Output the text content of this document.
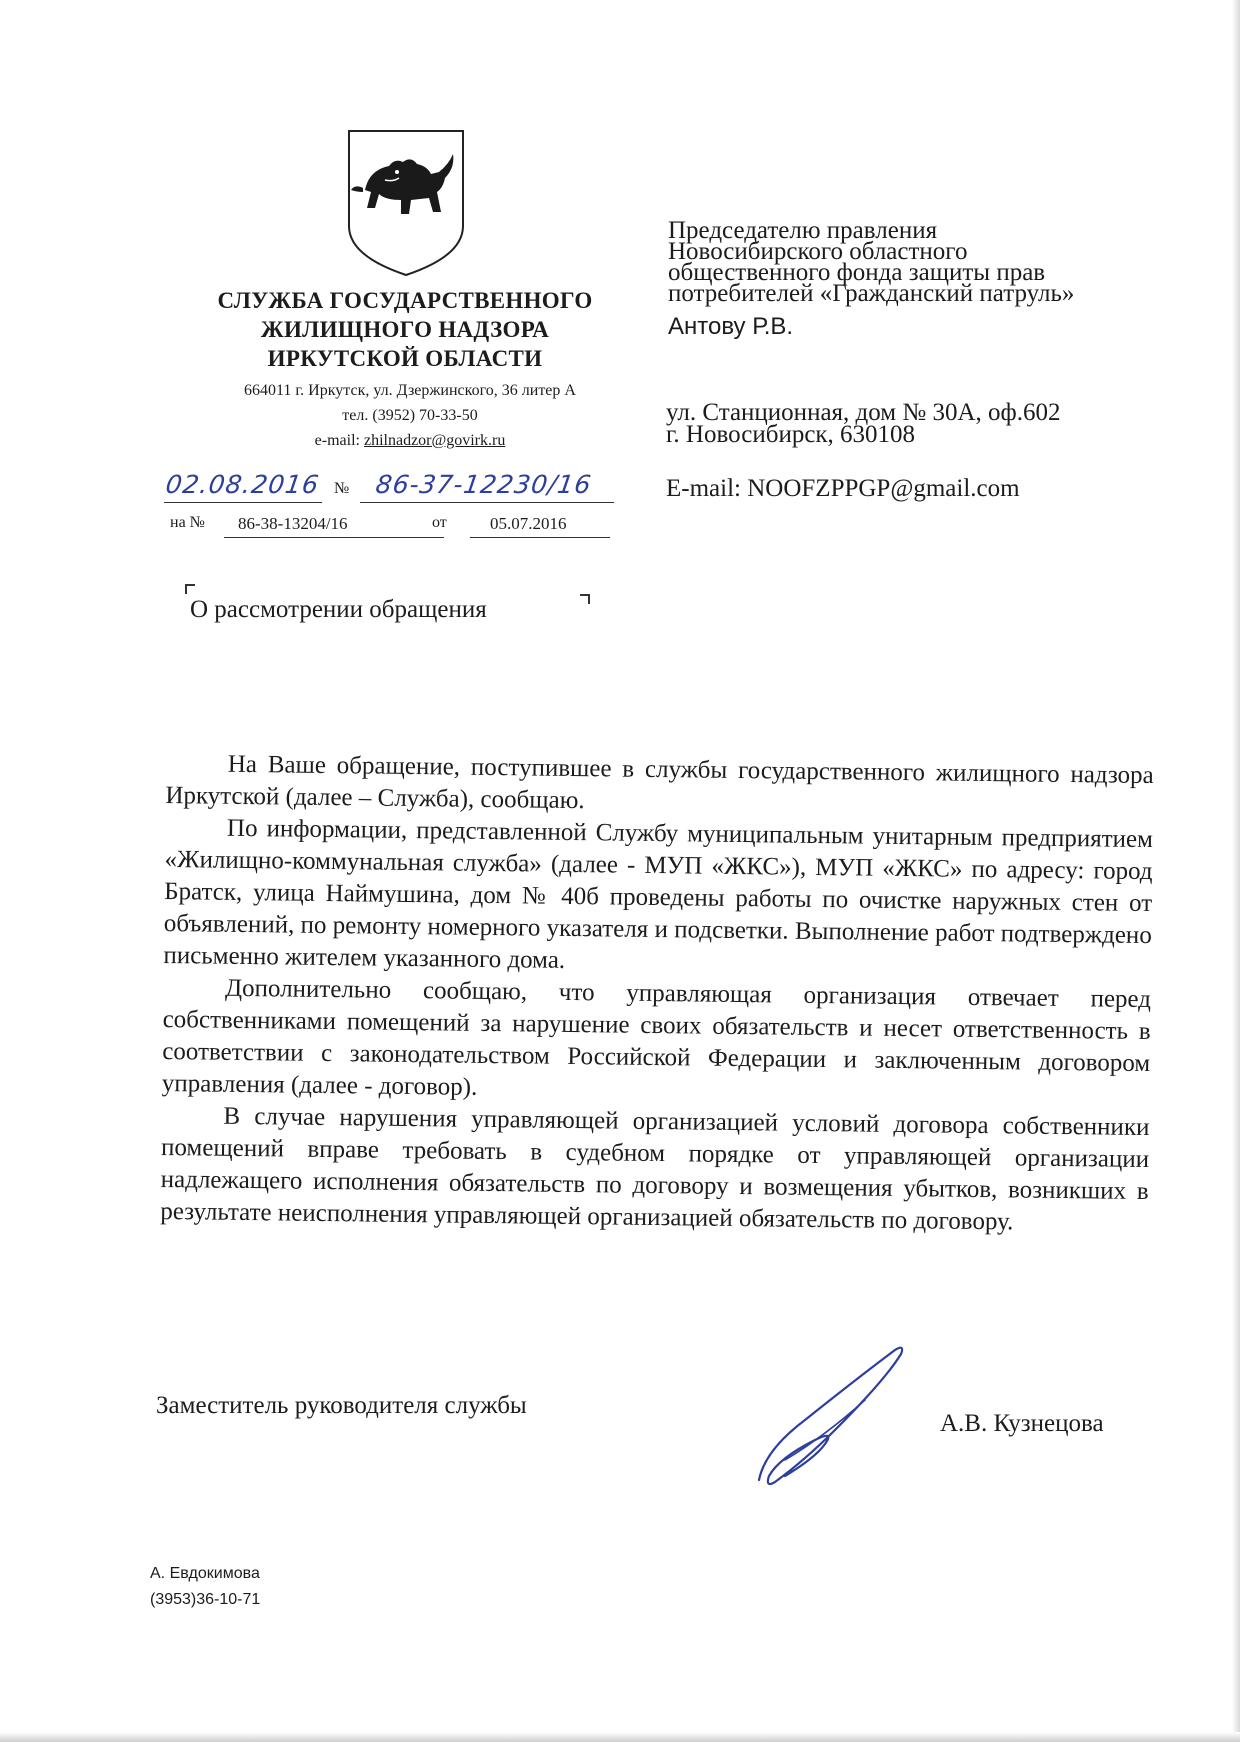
СЛУЖБА ГОСУДАРСТВЕННОГО
ЖИЛИЩНОГО НАДЗОРА
ИРКУТСКОЙ ОБЛАСТИ
664011 г. Иркутск, ул. Дзержинского, 36 литер А
тел. (3952) 70-33-50
e-mail: zhilnadzor@govirk.ru
02.08.2016 № 86-37-12230/16
на № 86-38-13204/16	от	05.07.2016
Председателю правления
Новосибирского областного
общественного фонда защиты прав
потребителей «Гражданский патруль»
Антову Р.В.
ул. Станционная, дом № 30А, оф.602
г. Новосибирск, 630108
E-mail: NOOFZPPGP@gmail.com
О рассмотрении обращения

На Ваше обращение, поступившее в службы государственного жилищного надзора Иркутской (далее – Служба), сообщаю.

По информации, представленной Службу муниципальным унитарным предприятием «Жилищно-коммунальная служба» (далее - МУП «ЖКС»), МУП «ЖКС» по адресу: город Братск, улица Наймушина, дом № 40б проведены работы по очистке наружных стен от объявлений, по ремонту номерного указателя и подсветки. Выполнение работ подтверждено письменно жителем указанного дома.

Дополнительно сообщаю, что управляющая организация отвечает перед собственниками помещений за нарушение своих обязательств и несет ответственность в соответствии с законодательством Российской Федерации и заключенным договором управления (далее - договор).

В случае нарушения управляющей организацией условий договора собственники помещений вправе требовать в судебном порядке от управляющей организации надлежащего исполнения обязательств по договору и возмещения убытков, возникших в результате неисполнения управляющей организацией обязательств по договору.

Заместитель руководителя службы
А.В. Кузнецова
А. Евдокимова
(3953)36-10-71
